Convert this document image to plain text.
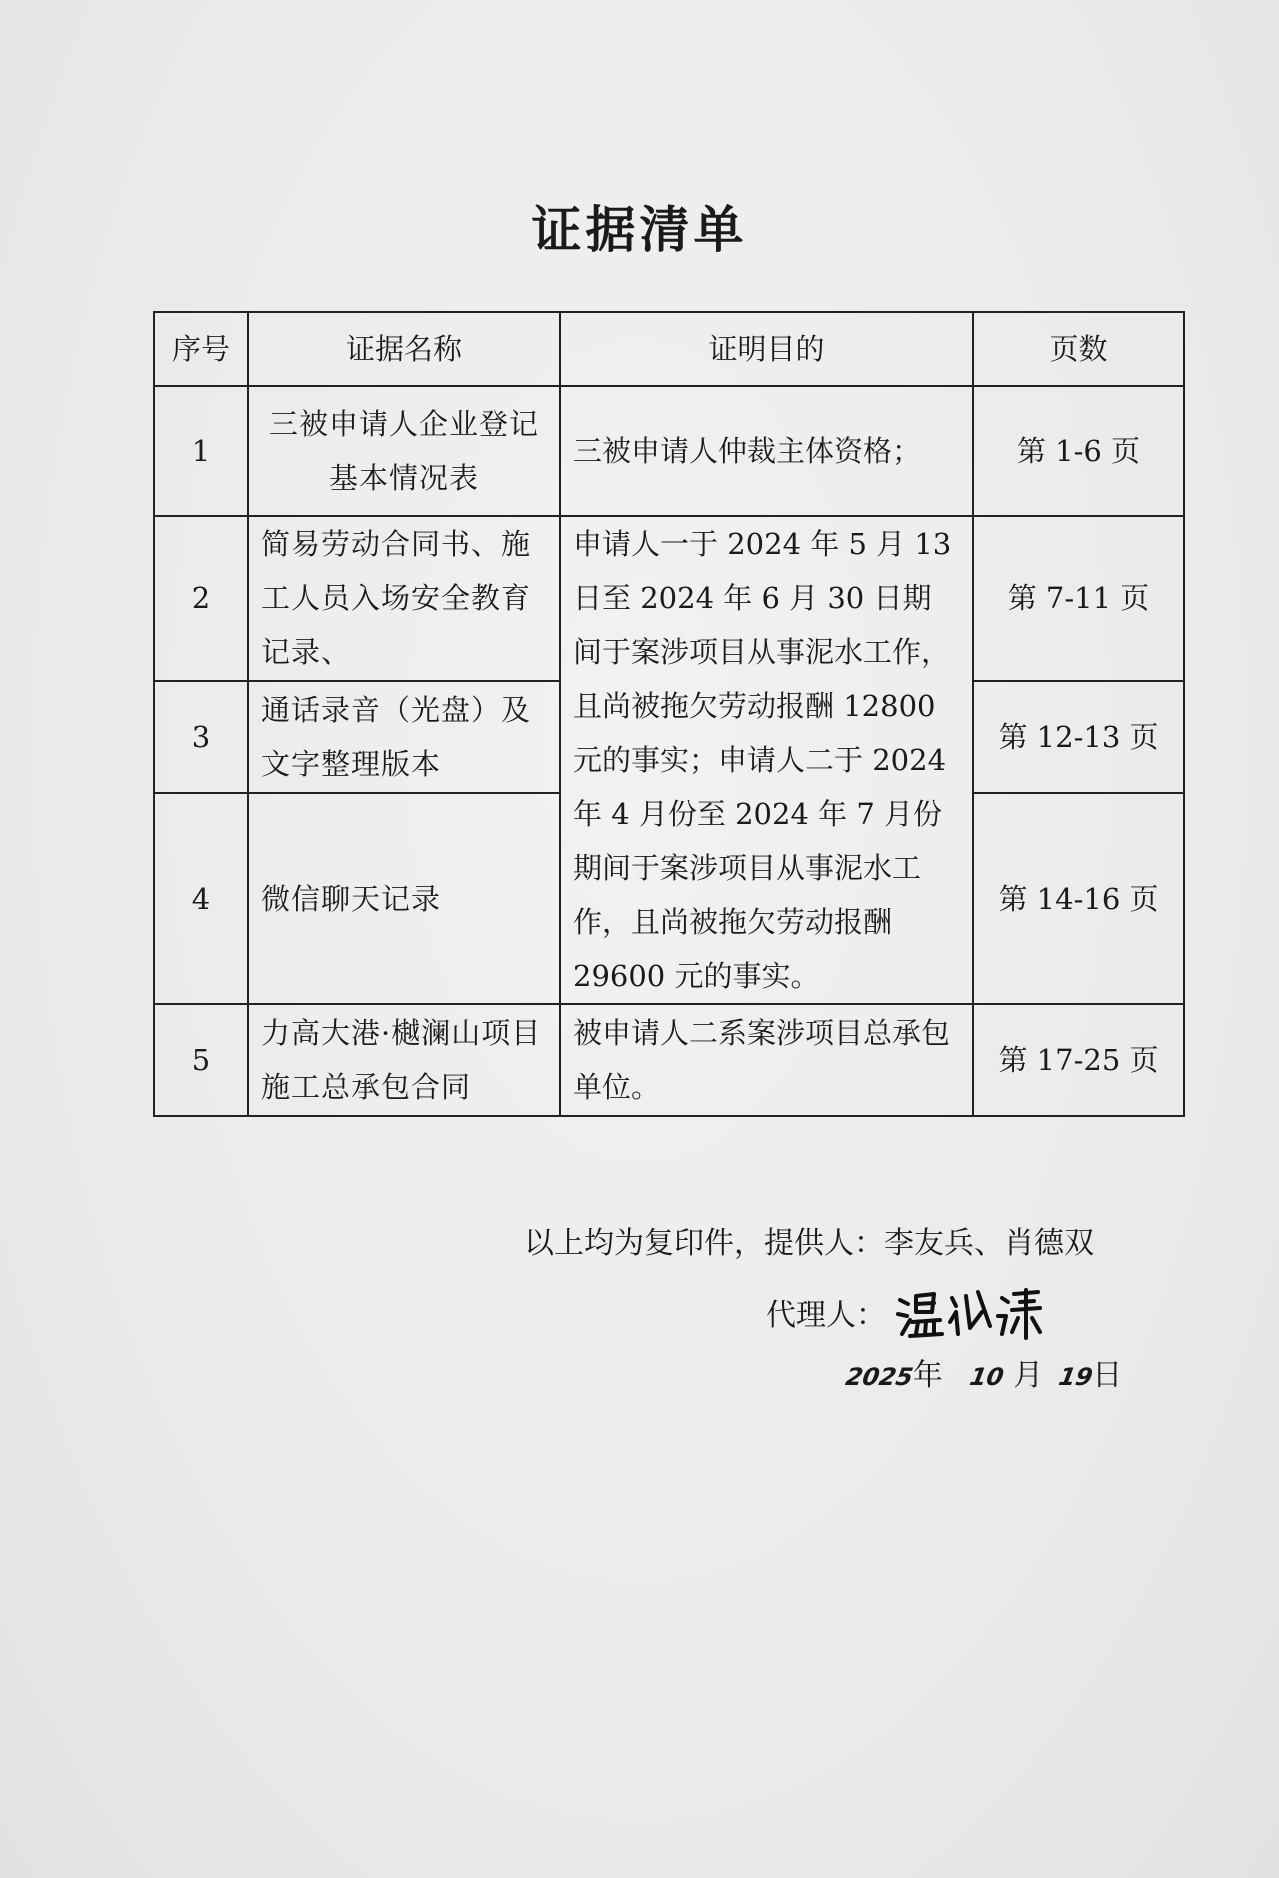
证据清单
序号	证据名称	证明目的	页数
1	三被申请人企业登记基本情况表	三被申请人仲裁主体资格；	第 1-6 页
2	简易劳动合同书、施工人员入场安全教育记录、	申请人一于 2024 年 5 月 13 日至 2024 年 6 月 30 日期间于案涉项目从事泥水工作，且尚被拖欠劳动报酬 12800 元的事实；申请人二于 2024 年 4 月份至 2024 年 7 月份期间于案涉项目从事泥水工作，且尚被拖欠劳动报酬 29600 元的事实。	第 7-11 页
3	通话录音（光盘）及文字整理版本		第 12-13 页
4	微信聊天记录		第 14-16 页
5	力高大港·樾澜山项目施工总承包合同	被申请人二系案涉项目总承包单位。	第 17-25 页
以上均为复印件，提供人：李友兵、肖德双
代理人：
2025年 10 月 19日
